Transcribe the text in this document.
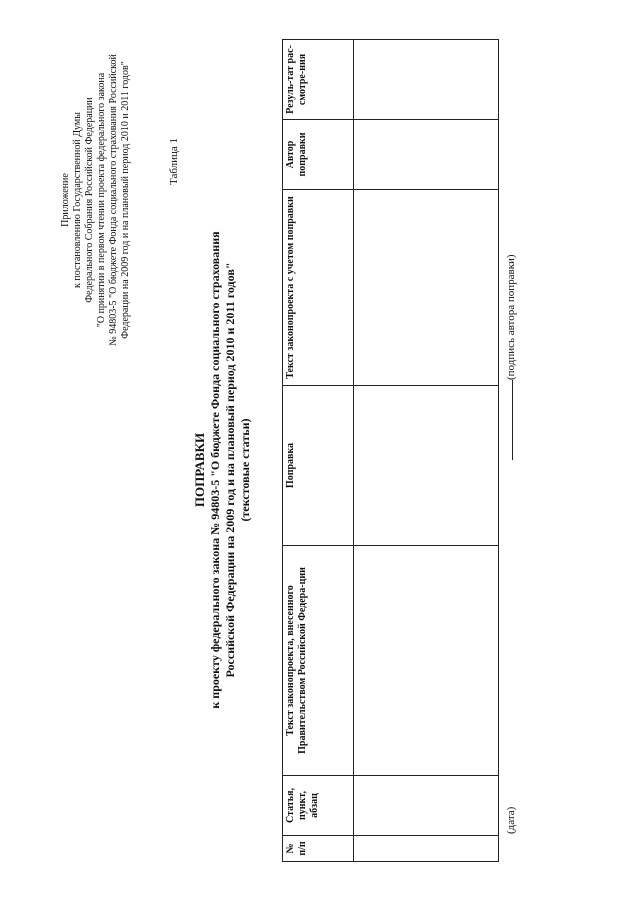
Приложение к постановлению Государственной Думы Федерального Собрания Российской Федерации "О принятии в первом чтении проекта федерального закона № 94803-5 "О бюджете Фонда социального страхования Российской Федерации на 2009 год и на плановый период 2010 и 2011 годов"	Таблица 1
ПОПРАВКИ к проекту федерального закона № 94803-5 "О бюджете Фонда социального страхования Российской Федерации на 2009 год и на плановый период 2010 и 2011 годов" (текстовые статьи)
№ п/п	Статья, пункт, абзац	Текст законопроекта, внесенного Правительством Российской Федера-ции	Поправка	Текст законопроекта с учетом поправки	Автор поправки	Резуль-тат рас-смотре-ния

(дата)
(подпись автора поправки)
